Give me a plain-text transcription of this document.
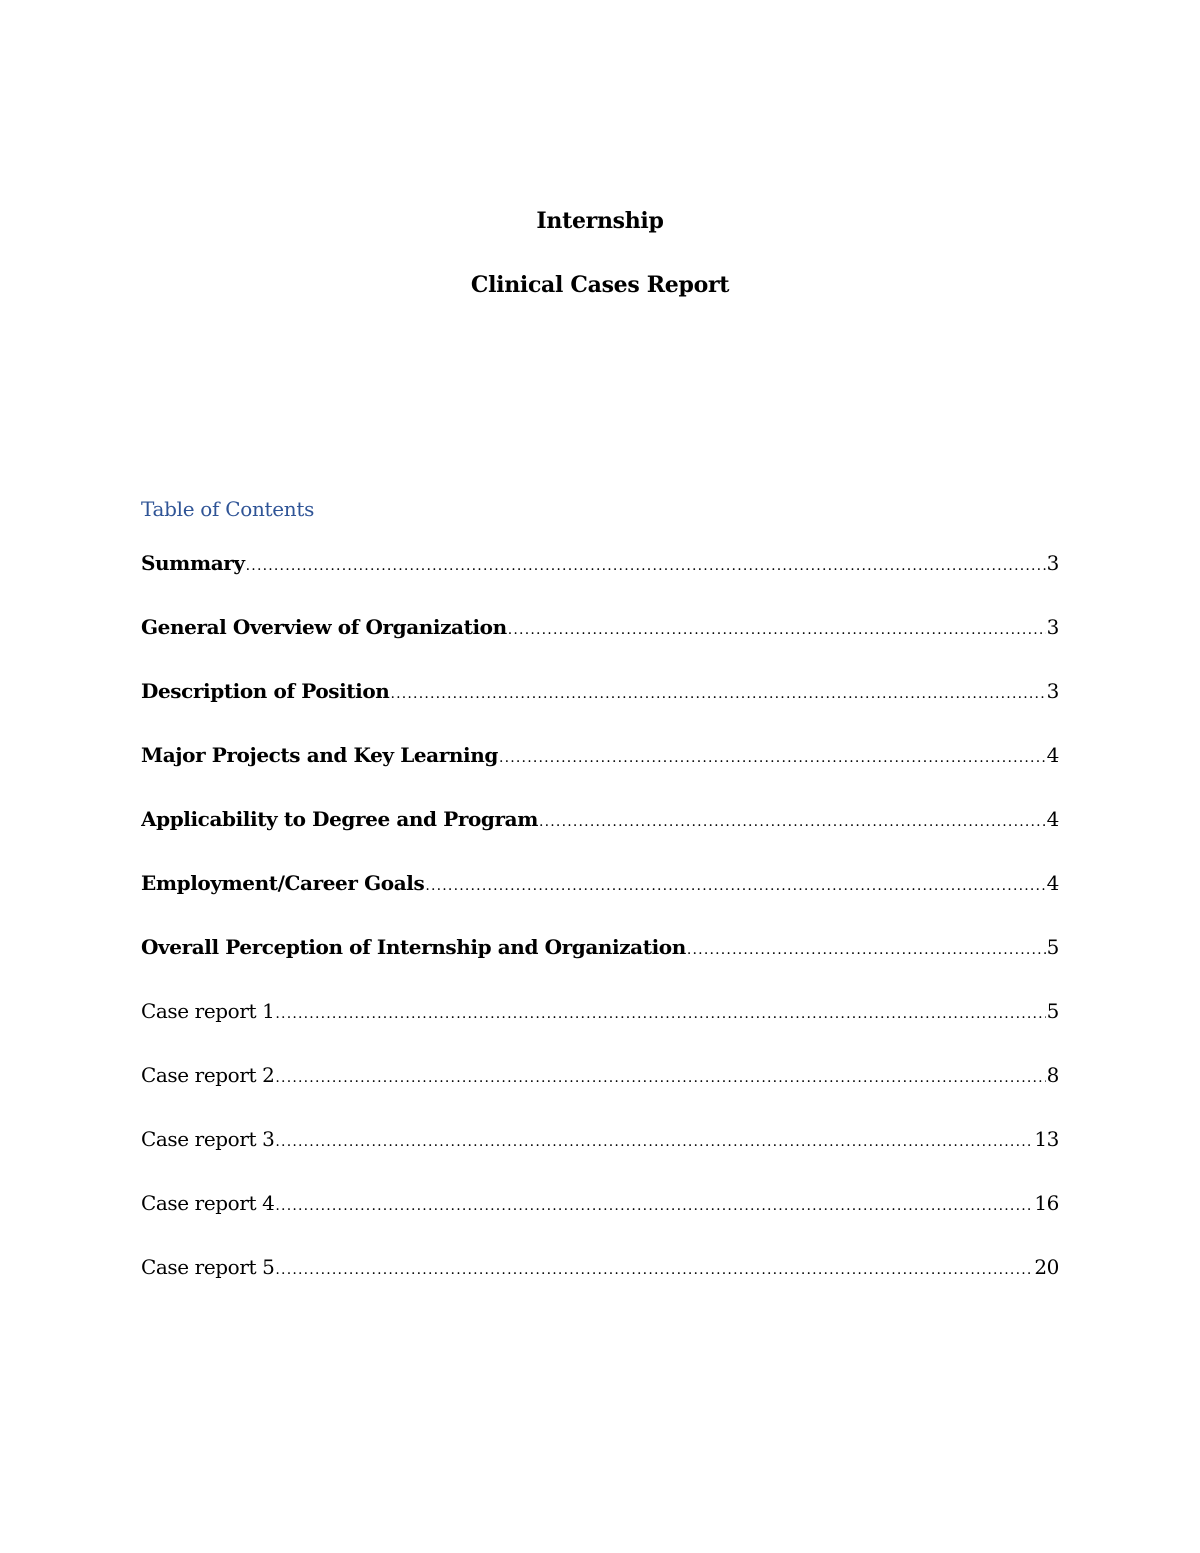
Internship
Clinical Cases Report
Table of Contents
Summary .....	3
General Overview of Organization .....	3
Description of Position .....	3
Major Projects and Key Learning .....	4
Applicability to Degree and Program .....	4
Employment/Career Goals .....	4
Overall Perception of Internship and Organization .....	5
Case report 1 .....	5
Case report 2 .....	8
Case report 3 .....	13
Case report 4 .....	16
Case report 5 .....	20
